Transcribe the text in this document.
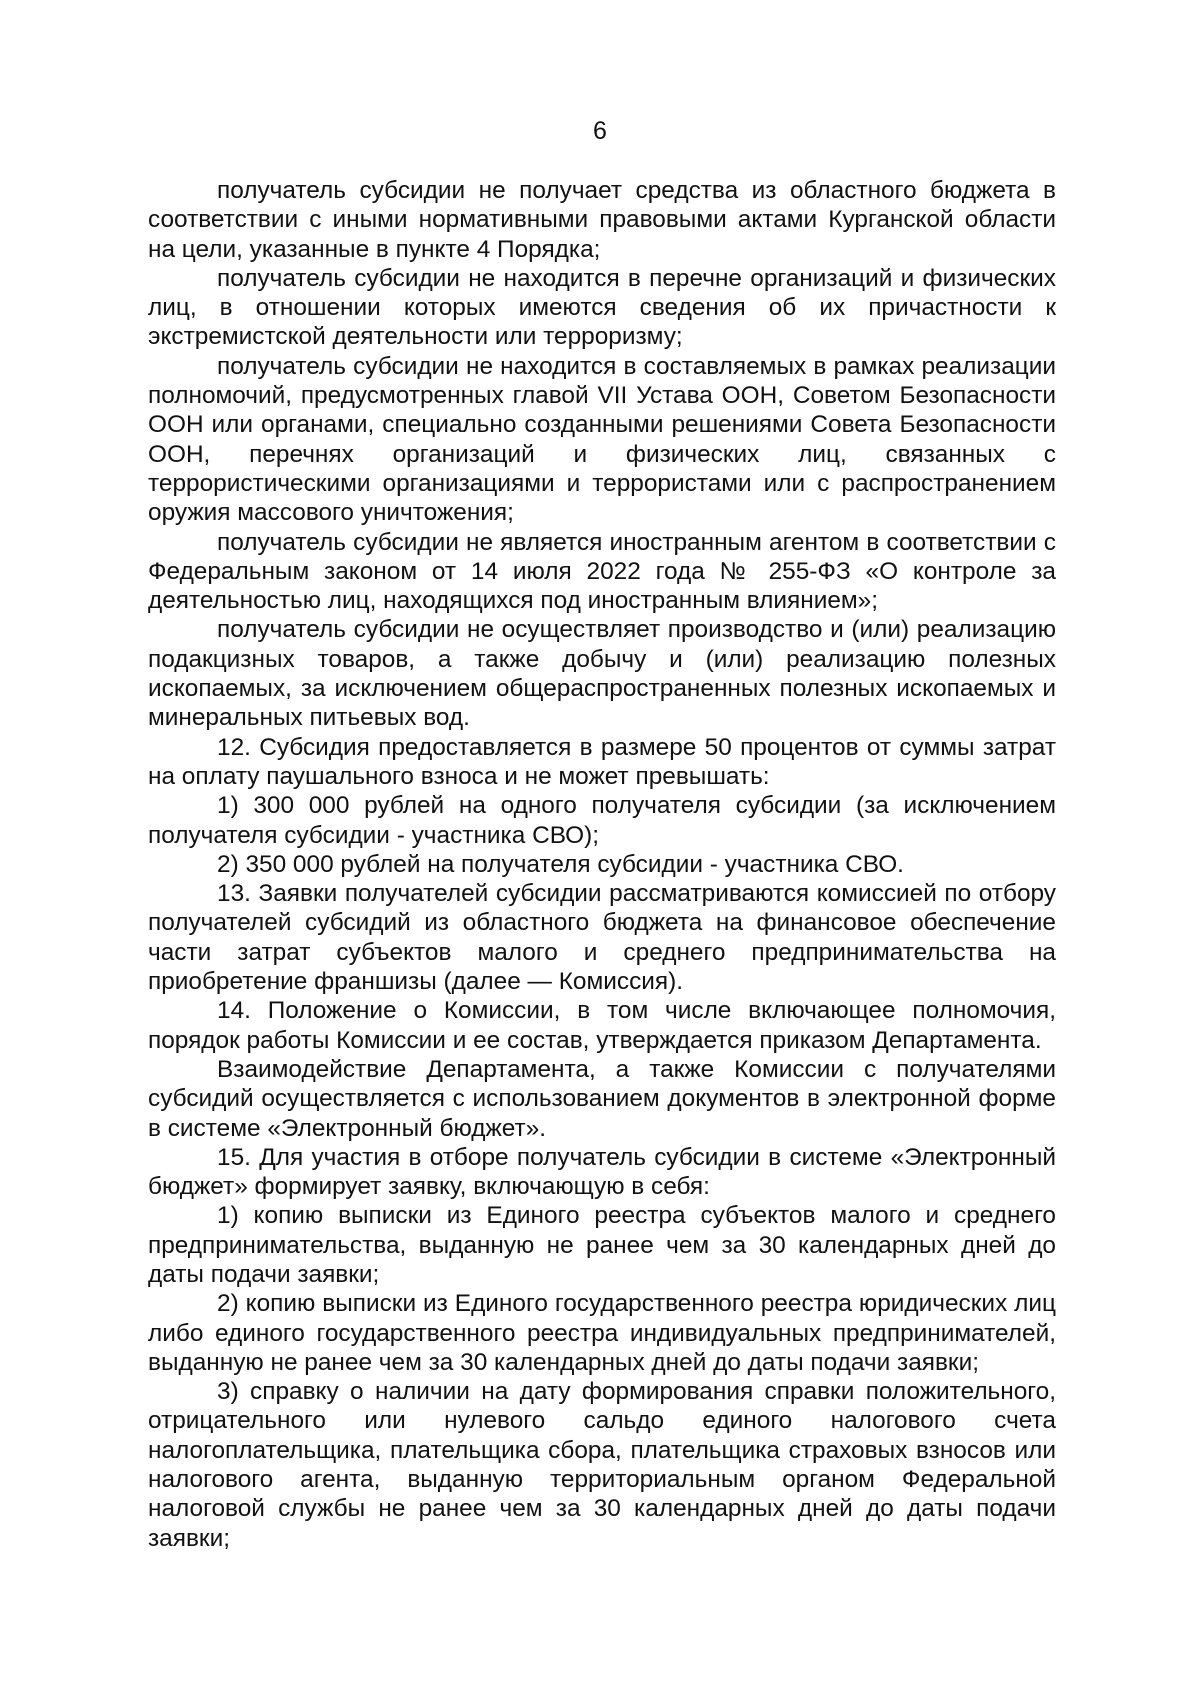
6

получатель субсидии не получает средства из областного бюджета в соответствии с иными нормативными правовыми актами Курганской области на цели, указанные в пункте 4 Порядка;

получатель субсидии не находится в перечне организаций и физических лиц, в отношении которых имеются сведения об их причастности к экстремистской деятельности или терроризму;

получатель субсидии не находится в составляемых в рамках реализации полномочий, предусмотренных главой VII Устава ООН, Советом Безопасности ООН или органами, специально созданными решениями Совета Безопасности ООН, перечнях организаций и физических лиц, связанных с террористическими организациями и террористами или с распространением оружия массового уничтожения;

получатель субсидии не является иностранным агентом в соответствии с Федеральным законом от 14 июля 2022 года № 255-ФЗ «О контроле за деятельностью лиц, находящихся под иностранным влиянием»;

получатель субсидии не осуществляет производство и (или) реализацию подакцизных товаров, а также добычу и (или) реализацию полезных ископаемых, за исключением общераспространенных полезных ископаемых и минеральных питьевых вод.

12. Субсидия предоставляется в размере 50 процентов от суммы затрат на оплату паушального взноса и не может превышать:

1) 300 000 рублей на одного получателя субсидии (за исключением получателя субсидии - участника СВО);

2) 350 000 рублей на получателя субсидии - участника СВО.

13. Заявки получателей субсидии рассматриваются комиссией по отбору получателей субсидий из областного бюджета на финансовое обеспечение части затрат субъектов малого и среднего предпринимательства на приобретение франшизы (далее — Комиссия).

14. Положение о Комиссии, в том числе включающее полномочия, порядок работы Комиссии и ее состав, утверждается приказом Департамента.

Взаимодействие Департамента, а также Комиссии с получателями субсидий осуществляется с использованием документов в электронной форме в системе «Электронный бюджет».

15. Для участия в отборе получатель субсидии в системе «Электронный бюджет» формирует заявку, включающую в себя:

1) копию выписки из Единого реестра субъектов малого и среднего предпринимательства, выданную не ранее чем за 30 календарных дней до даты подачи заявки;

2) копию выписки из Единого государственного реестра юридических лиц либо единого государственного реестра индивидуальных предпринимателей, выданную не ранее чем за 30 календарных дней до даты подачи заявки;

3) справку о наличии на дату формирования справки положительного, отрицательного или нулевого сальдо единого налогового счета налогоплательщика, плательщика сбора, плательщика страховых взносов или налогового агента, выданную территориальным органом Федеральной налоговой службы не ранее чем за 30 календарных дней до даты подачи заявки;
